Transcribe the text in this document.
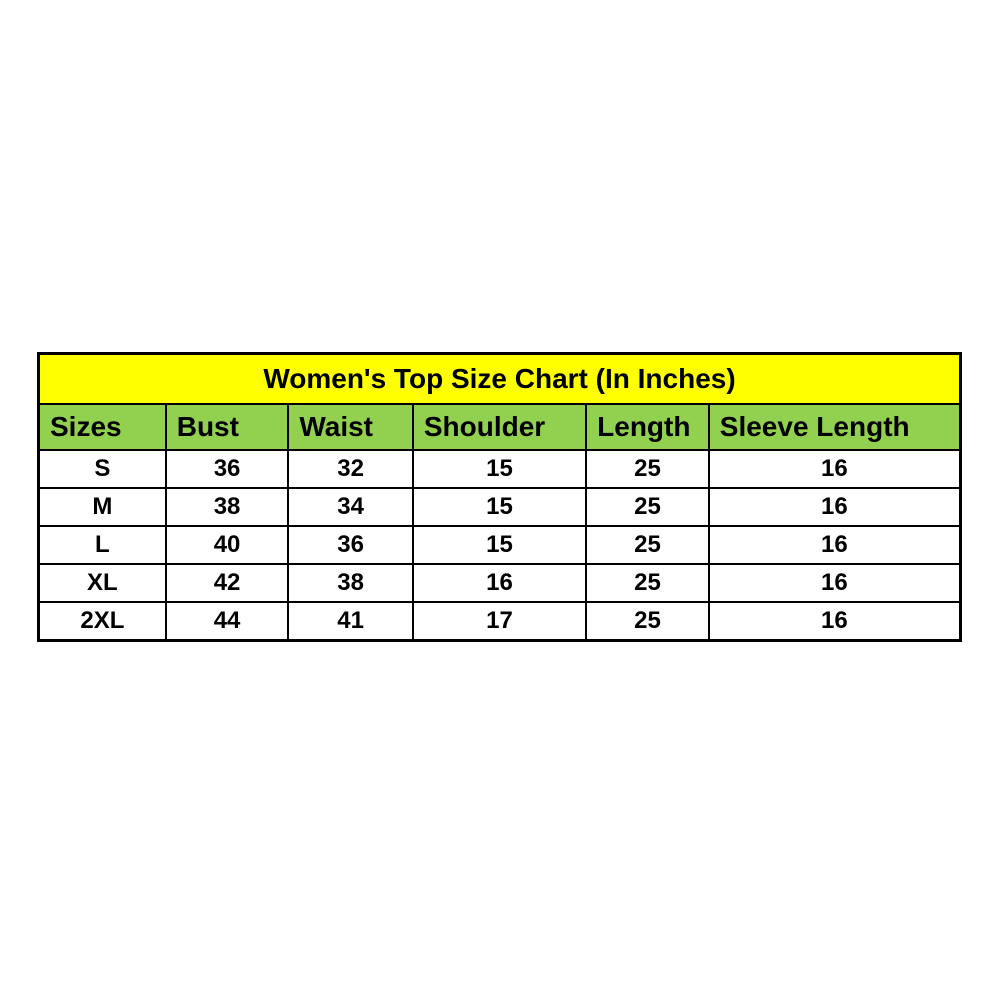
Women's Top Size Chart (In Inches)					
Sizes	Bust	Waist	Shoulder	Length	Sleeve Length
S	36	32	15	25	16
M	38	34	15	25	16
L	40	36	15	25	16
XL	42	38	16	25	16
2XL	44	41	17	25	16
